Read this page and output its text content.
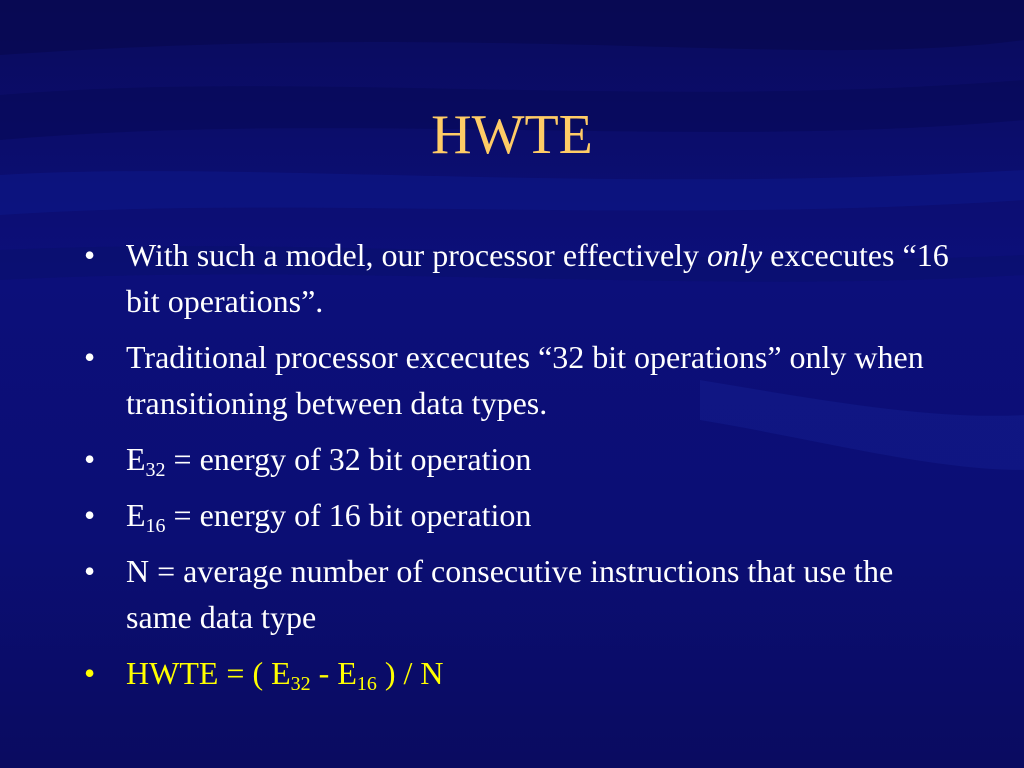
HWTE
• With such a model, our processor effectively only excecutes “16 bit operations”.
• Traditional processor excecutes “32 bit operations” only when transitioning between data types.
• $E_{32}$ = energy of 32 bit operation
• $E_{16}$ = energy of 16 bit operation
• N = average number of consecutive instructions that use the same data type
• HWTE = ( $E_{32} - E_{16}$ ) / N
